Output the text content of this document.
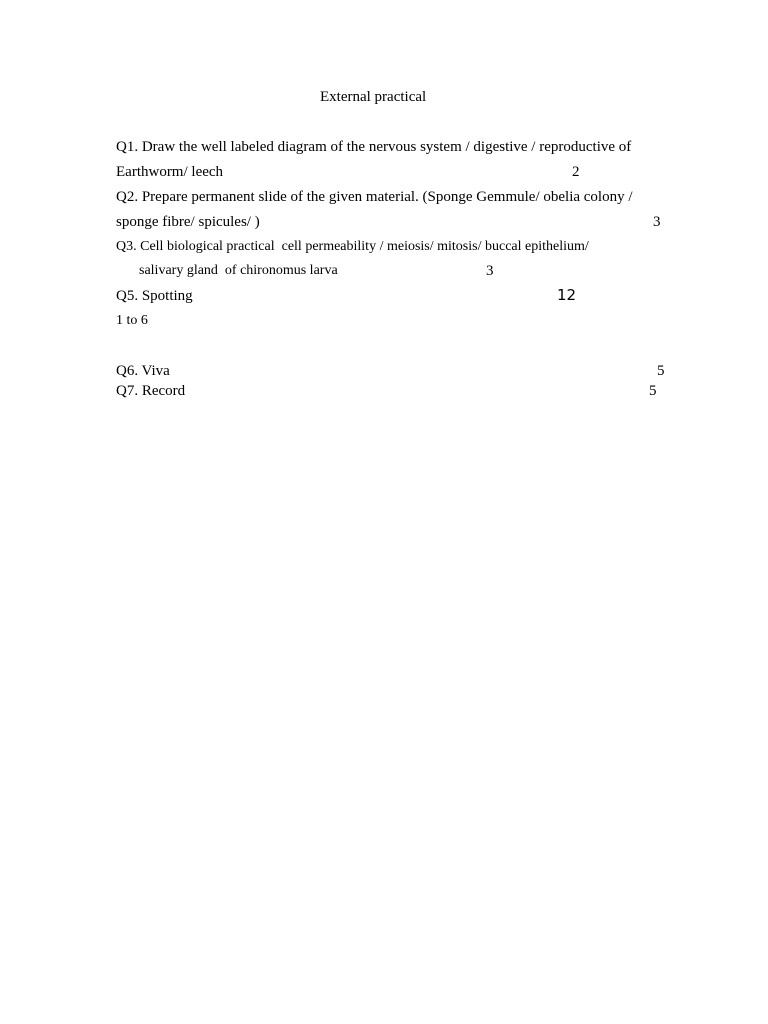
External practical
Q1. Draw the well labeled diagram of the nervous system / digestive / reproductive of
Earthworm/ leech	2
Q2. Prepare permanent slide of the given material. (Sponge Gemmule/ obelia colony /
sponge fibre/ spicules/ )	3
Q3. Cell biological practical  cell permeability / meiosis/ mitosis/ buccal epithelium/
salivary gland  of chironomus larva	3
Q5. Spotting	12
1 to 6
Q6. Viva	5
Q7. Record	5
